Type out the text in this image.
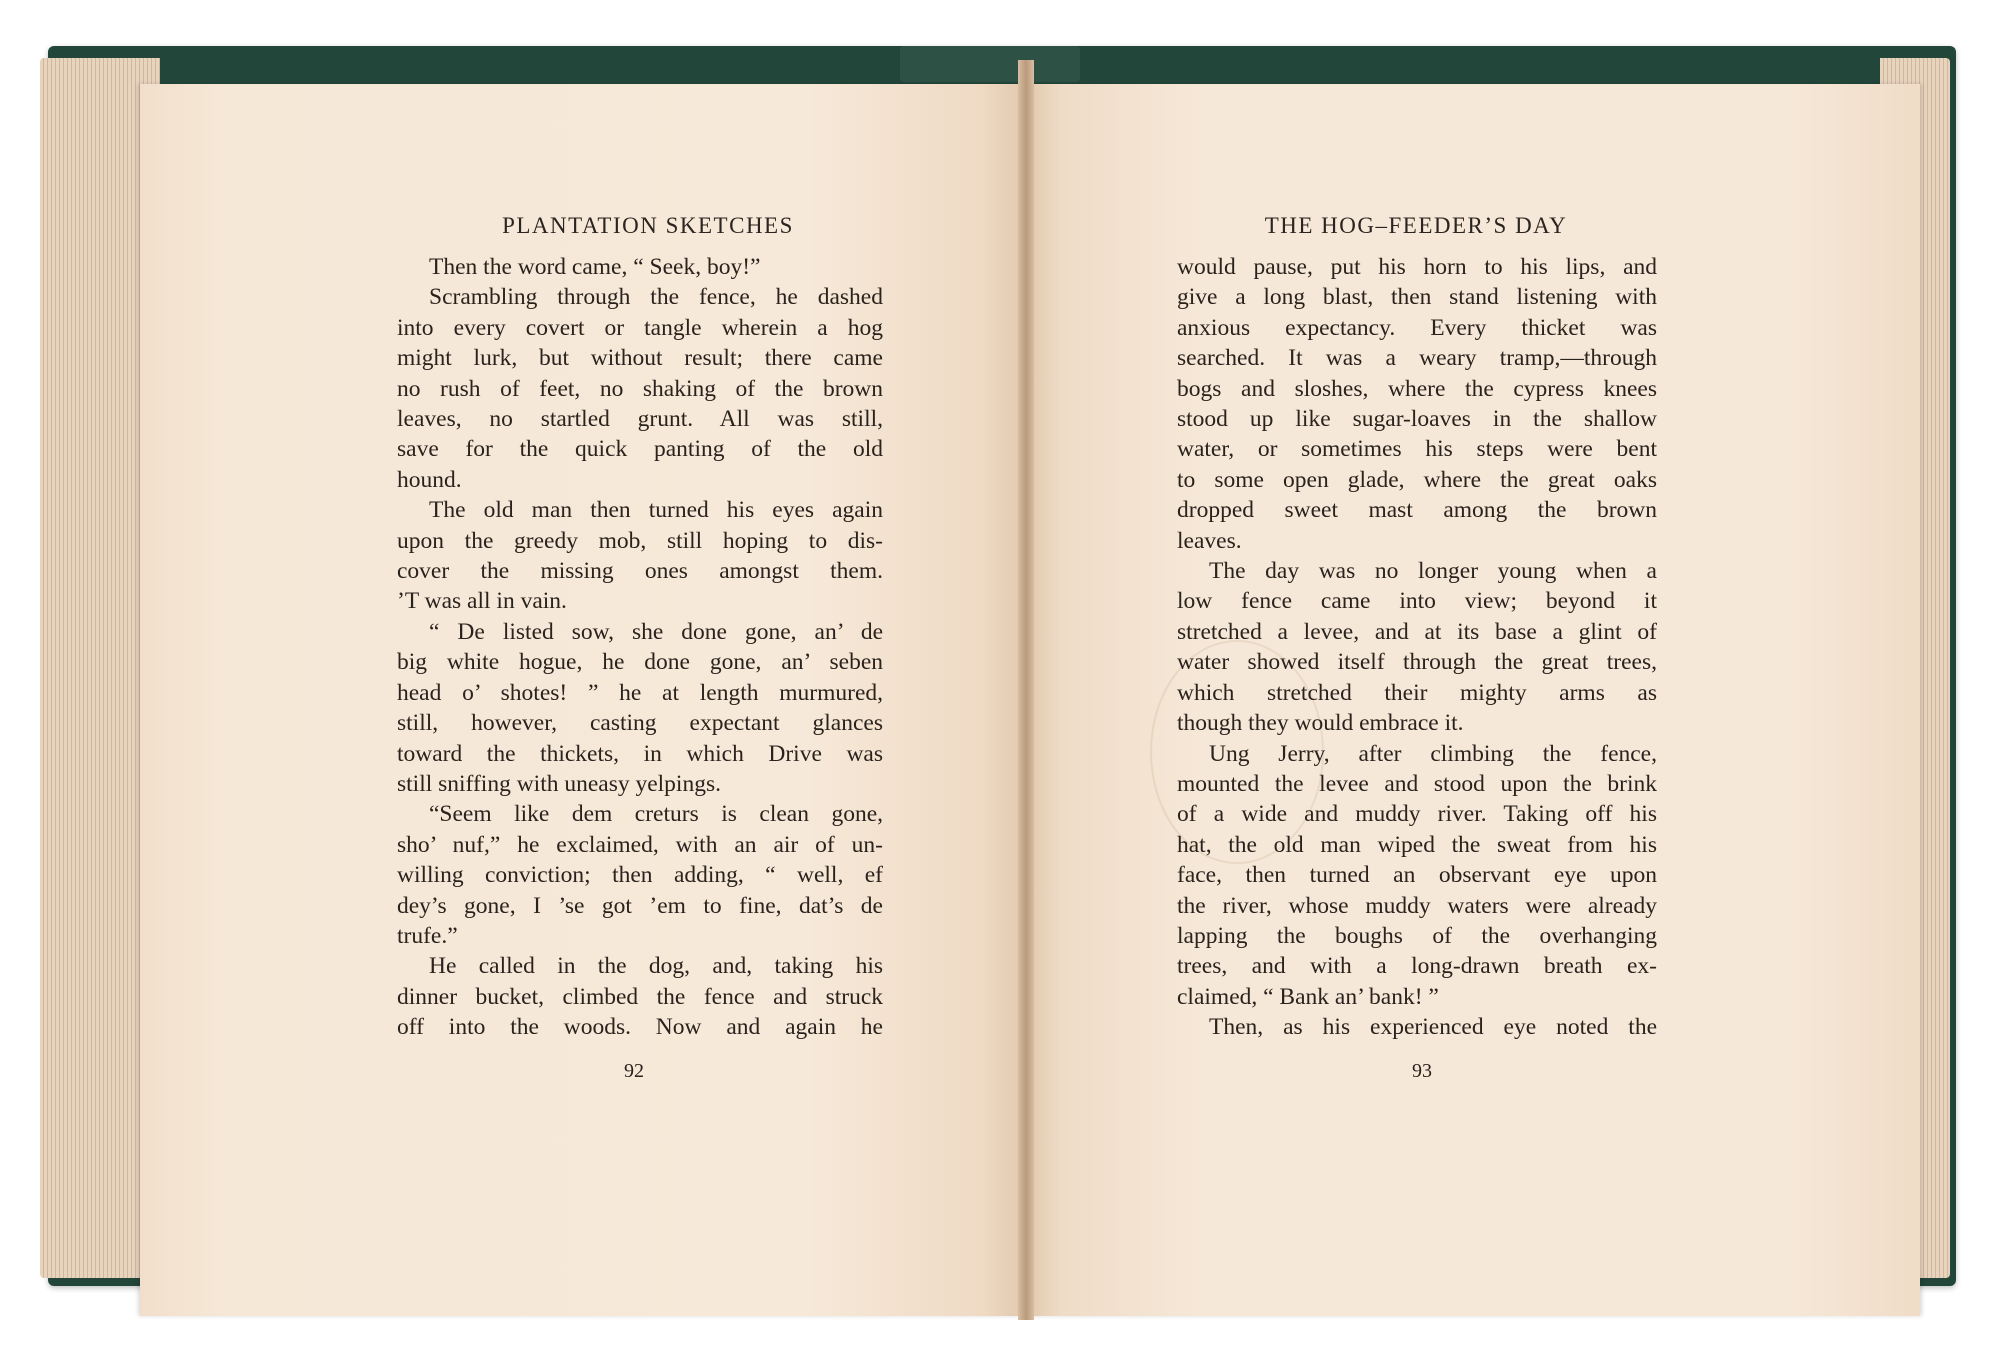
PLANTATION SKETCHES
Then the word came, “ Seek, boy!”
Scrambling through the fence, he dashed
into every covert or tangle wherein a hog
might lurk, but without result; there came
no rush of feet, no shaking of the brown
leaves, no startled grunt. All was still,
save for the quick panting of the old
hound.
The old man then turned his eyes again
upon the greedy mob, still hoping to dis-
cover the missing ones amongst them.
’T was all in vain.
“ De listed sow, she done gone, an’ de
big white hogue, he done gone, an’ seben
head o’ shotes! ” he at length murmured,
still, however, casting expectant glances
toward the thickets, in which Drive was
still sniffing with uneasy yelpings.
“Seem like dem creturs is clean gone,
sho’ nuf,” he exclaimed, with an air of un-
willing conviction; then adding, “ well, ef
dey’s gone, I ’se got ’em to fine, dat’s de
trufe.”
He called in the dog, and, taking his
dinner bucket, climbed the fence and struck
off into the woods. Now and again he
92
THE HOG–FEEDER’S DAY
would pause, put his horn to his lips, and
give a long blast, then stand listening with
anxious expectancy. Every thicket was
searched. It was a weary tramp,—through
bogs and sloshes, where the cypress knees
stood up like sugar-loaves in the shallow
water, or sometimes his steps were bent
to some open glade, where the great oaks
dropped sweet mast among the brown
leaves.
The day was no longer young when a
low fence came into view; beyond it
stretched a levee, and at its base a glint of
water showed itself through the great trees,
which stretched their mighty arms as
though they would embrace it.
Ung Jerry, after climbing the fence,
mounted the levee and stood upon the brink
of a wide and muddy river. Taking off his
hat, the old man wiped the sweat from his
face, then turned an observant eye upon
the river, whose muddy waters were already
lapping the boughs of the overhanging
trees, and with a long-drawn breath ex-
claimed, “ Bank an’ bank! ”
Then, as his experienced eye noted the
93
